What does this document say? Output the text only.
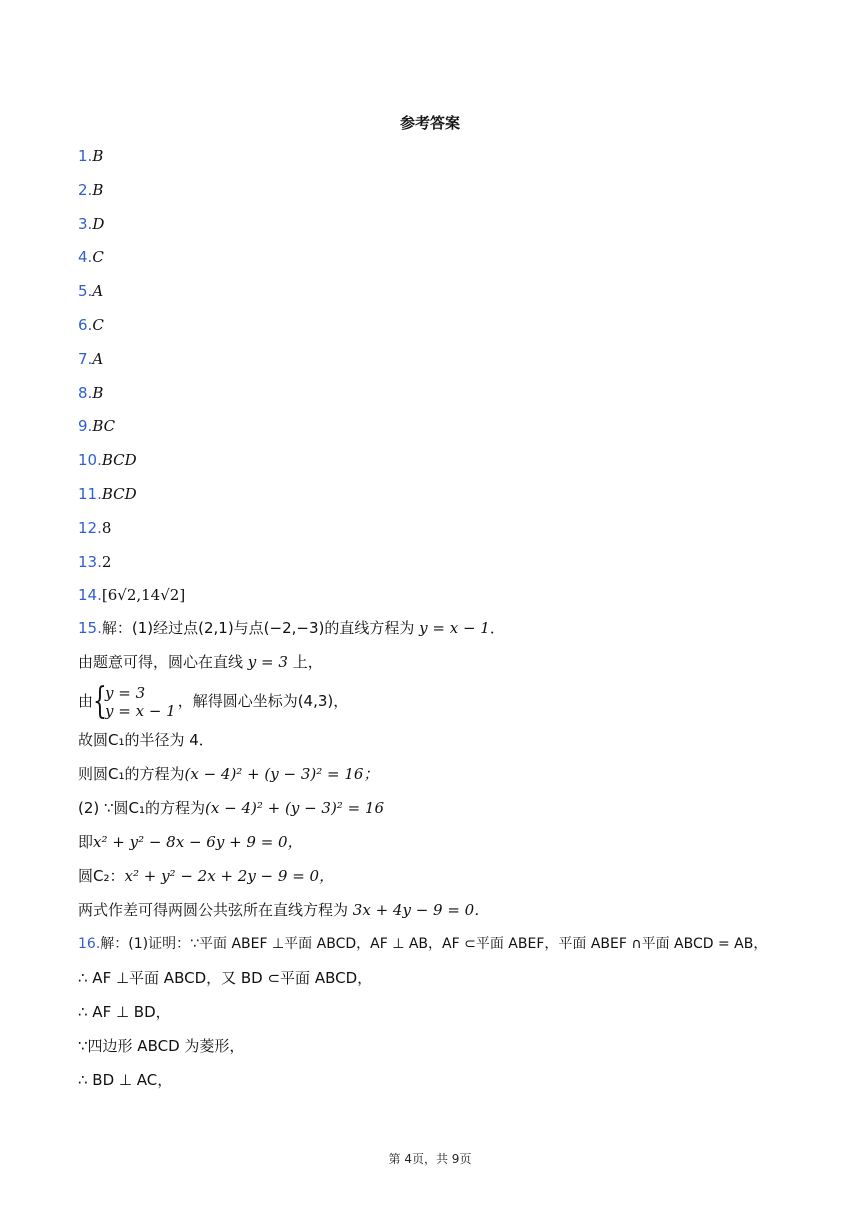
参考答案
1.B
2.B
3.D
4.C
5.A
6.C
7.A
8.B
9.BC
10.BCD
11.BCD
12.8
13.2
14.[6√2,14√2]
15.解：(1)经过点(2,1)与点(−2,−3)的直线方程为 y = x − 1．
由题意可得，圆心在直线 y = 3 上，
由 {
y = 3
y = x − 1
，解得圆心坐标为(4,3)，
故圆C₁的半径为 4．
则圆C₁的方程为(x − 4)² + (y − 3)² = 16；
(2) ∵圆C₁的方程为(x − 4)² + (y − 3)² = 16
即x² + y² − 8x − 6y + 9 = 0，
圆C₂：x² + y² − 2x + 2y − 9 = 0，
两式作差可得两圆公共弦所在直线方程为 3x + 4y − 9 = 0．
16.解：(1)证明：∵平面 ABEF ⊥平面 ABCD，AF ⊥ AB，AF ⊂平面 ABEF，平面 ABEF ∩平面 ABCD = AB，
∴ AF ⊥平面 ABCD，又 BD ⊂平面 ABCD，
∴ AF ⊥ BD，
∵四边形 ABCD 为菱形，
∴ BD ⊥ AC，
第 4页，共 9页
